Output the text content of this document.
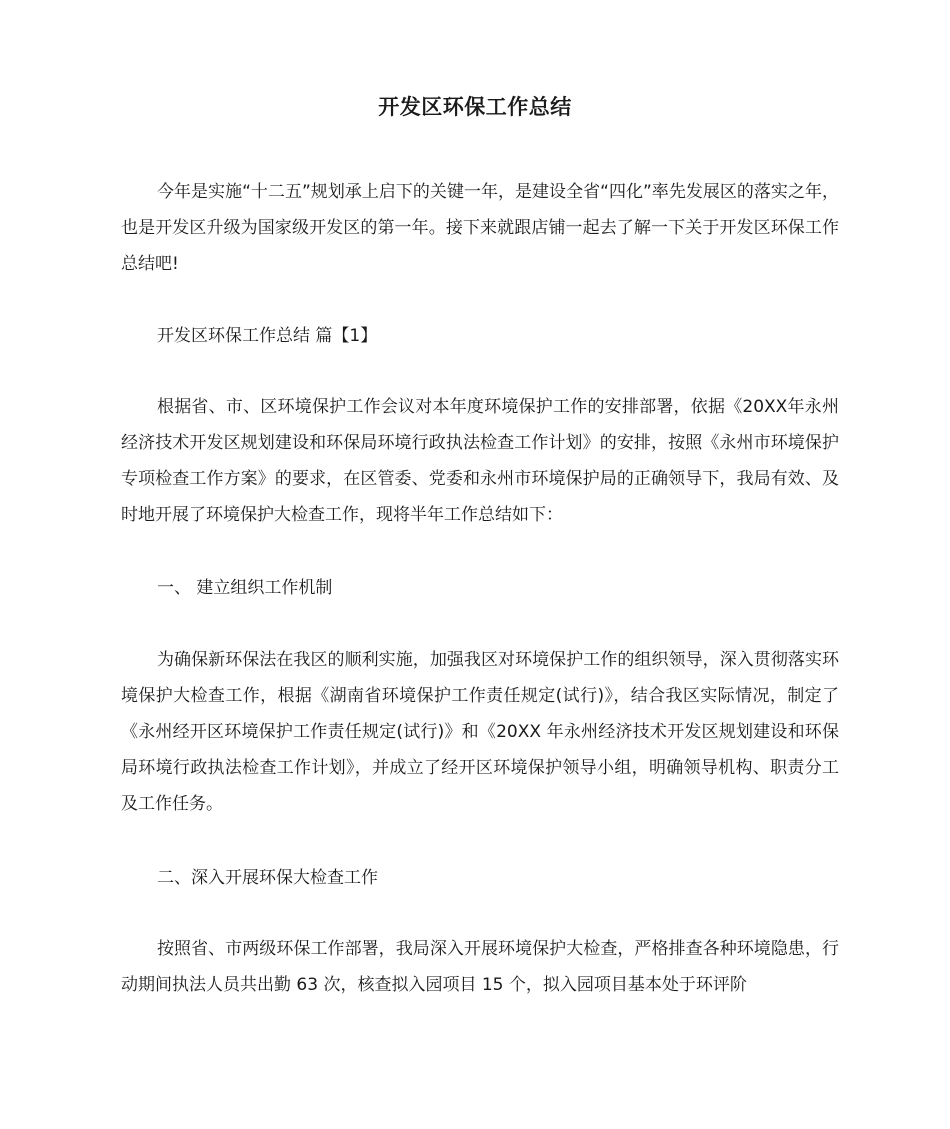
开发区环保工作总结

今年是实施“十二五”规划承上启下的关键一年，是建设全省“四化”率先发展区的落实之年，也是开发区升级为国家级开发区的第一年。接下来就跟店铺一起去了解一下关于开发区环保工作总结吧!

开发区环保工作总结 篇【1】

根据省、市、区环境保护工作会议对本年度环境保护工作的安排部署，依据《20XX年永州经济技术开发区规划建设和环保局环境行政执法检查工作计划》的安排，按照《永州市环境保护专项检查工作方案》的要求，在区管委、党委和永州市环境保护局的正确领导下，我局有效、及时地开展了环境保护大检查工作，现将半年工作总结如下：

一、 建立组织工作机制

为确保新环保法在我区的顺利实施，加强我区对环境保护工作的组织领导，深入贯彻落实环境保护大检查工作，根据《湖南省环境保护工作责任规定(试行)》，结合我区实际情况，制定了《永州经开区环境保护工作责任规定(试行)》和《20XX 年永州经济技术开发区规划建设和环保局环境行政执法检查工作计划》，并成立了经开区环境保护领导小组，明确领导机构、职责分工及工作任务。

二、深入开展环保大检查工作

按照省、市两级环保工作部署，我局深入开展环境保护大检查，严格排查各种环境隐患，行动期间执法人员共出勤 63 次，核查拟入园项目 15 个，拟入园项目基本处于环评阶
